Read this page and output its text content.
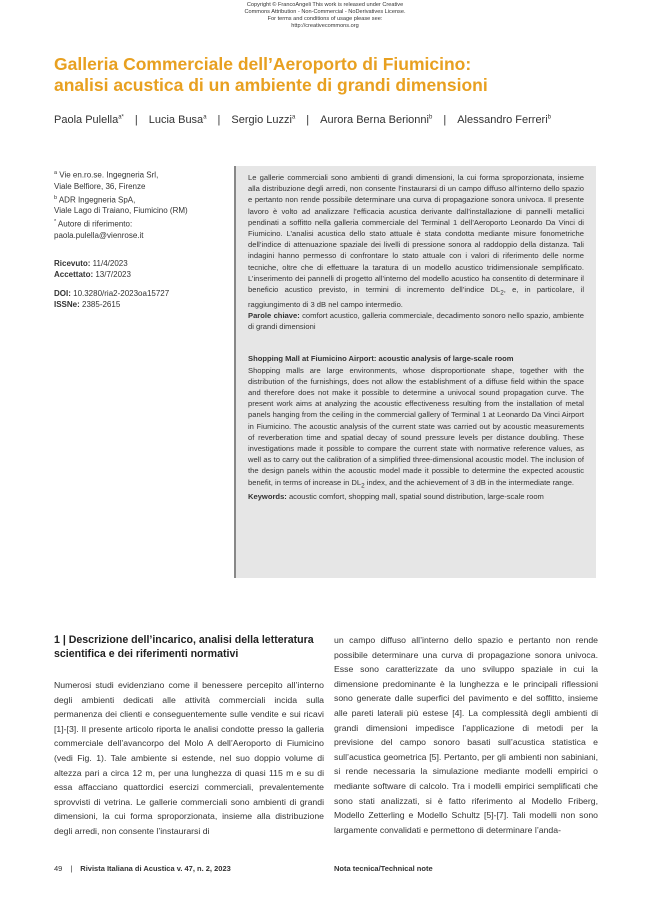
Copyright © FrancoAngeli This work is released under Creative
Commons Attribution - Non-Commercial - NoDerivatives License.
For terms and conditions of usage please see:
http://creativecommons.org
Galleria Commerciale dell’Aeroporto di Fiumicino:
analisi acustica di un ambiente di grandi dimensioni
Paola Pulella$^{a*}$ | Lucia Busa$^a$ | Sergio Luzzi$^a$ | Aurora Berna Berionni$^b$ | Alessandro Ferreri$^b$

$^a$ Vie en.ro.se. Ingegneria Srl,
Viale Belfiore, 36, Firenze

$^b$ ADR Ingegneria SpA,
Viale Lago di Traiano, Fiumicino (RM)

* Autore di riferimento:
paola.pulella@vienrose.it

Ricevuto: 11/4/2023

Accettato: 13/7/2023

DOI: 10.3280/ria2-2023oa15727

ISSNe: 2385-2615

Le gallerie commerciali sono ambienti di grandi dimensioni, la cui forma sproporzionata, insieme alla distribuzione degli arredi, non consente l’instaurarsi di un campo diffuso all’interno dello spazio e pertanto non rende possibile determinare una curva di propagazione sonora univoca. Il presente lavoro è volto ad analizzare l’efficacia acustica derivante dall’installazione di pannelli metallici pendinati a soffitto nella galleria commerciale del Terminal 1 dell’Aeroporto Leonardo Da Vinci di Fiumicino. L’analisi acustica dello stato attuale è stata condotta mediante misure fonometriche dell’indice di attenuazione spaziale dei livelli di pressione sonora al raddoppio della distanza. Tali indagini hanno permesso di confrontare lo stato attuale con i valori di riferimento delle norme tecniche, oltre che di effettuare la taratura di un modello acustico tridimensionale semplificato. L’inserimento dei pannelli di progetto all’interno del modello acustico ha consentito di determinare il beneficio acustico previsto, in termini di incremento dell’indice $DL_2$, e, in particolare, il raggiungimento di 3 dB nel campo intermedio.

Parole chiave: comfort acustico, galleria commerciale, decadimento sonoro nello spazio, ambiente di grandi dimensioni

Shopping Mall at Fiumicino Airport: acoustic analysis of large-scale room

Shopping malls are large environments, whose disproportionate shape, together with the distribution of the furnishings, does not allow the establishment of a diffuse field within the space and therefore does not make it possible to determine a univocal sound propagation curve. The present work aims at analyzing the acoustic effectiveness resulting from the installation of metal panels hanging from the ceiling in the commercial gallery of Terminal 1 at Leonardo Da Vinci Airport in Fiumicino. The acoustic analysis of the current state was carried out by acoustic measurements of reverberation time and spatial decay of sound pressure levels per distance doubling. These investigations made it possible to compare the current state with normative reference values, as well as to carry out the calibration of a simplified three-dimensional acoustic model. The inclusion of the design panels within the acoustic model made it possible to determine the expected acoustic benefit, in terms of increase in $DL_2$ index, and the achievement of 3 dB in the intermediate range.

Keywords: acoustic comfort, shopping mall, spatial sound distribution, large-scale room

1 | Descrizione dell’incarico, analisi della letteratura scientifica e dei riferimenti normativi

Numerosi studi evidenziano come il benessere percepito all’interno degli ambienti dedicati alle attività commerciali incida sulla permanenza dei clienti e conseguentemente sulle vendite e sui ricavi [1]-[3]. Il presente articolo riporta le analisi condotte presso la galleria commerciale dell’avancorpo del Molo A dell’Aeroporto di Fiumicino (vedi Fig. 1). Tale ambiente si estende, nel suo doppio volume di altezza pari a circa 12 m, per una lunghezza di quasi 115 m e su di essa affacciano quattordici esercizi commerciali, prevalentemente sprovvisti di vetrina. Le gallerie commerciali sono ambienti di grandi dimensioni, la cui forma sproporzionata, insieme alla distribuzione degli arredi, non consente l’instaurarsi di

un campo diffuso all’interno dello spazio e pertanto non rende possibile determinare una curva di propagazione sonora univoca. Esse sono caratterizzate da uno sviluppo spaziale in cui la dimensione predominante è la lunghezza e le principali riflessioni sono generate dalle superfici del pavimento e del soffitto, insieme alle pareti laterali più estese [4]. La complessità degli ambienti di grandi dimensioni impedisce l’applicazione di metodi per la previsione del campo sonoro basati sull’acustica statistica e sull’acustica geometrica [5]. Pertanto, per gli ambienti non sabiniani, si rende necessaria la simulazione mediante modelli empirici o mediante software di calcolo. Tra i modelli empirici semplificati che sono stati analizzati, si è fatto riferimento al Modello Friberg, Modello Zetterling e Modello Schultz [5]-[7]. Tali modelli non sono largamente convalidati e permettono di determinare l’anda-

49 | Rivista Italiana di Acustica v. 47, n. 2, 2023	Nota tecnica/Technical note
